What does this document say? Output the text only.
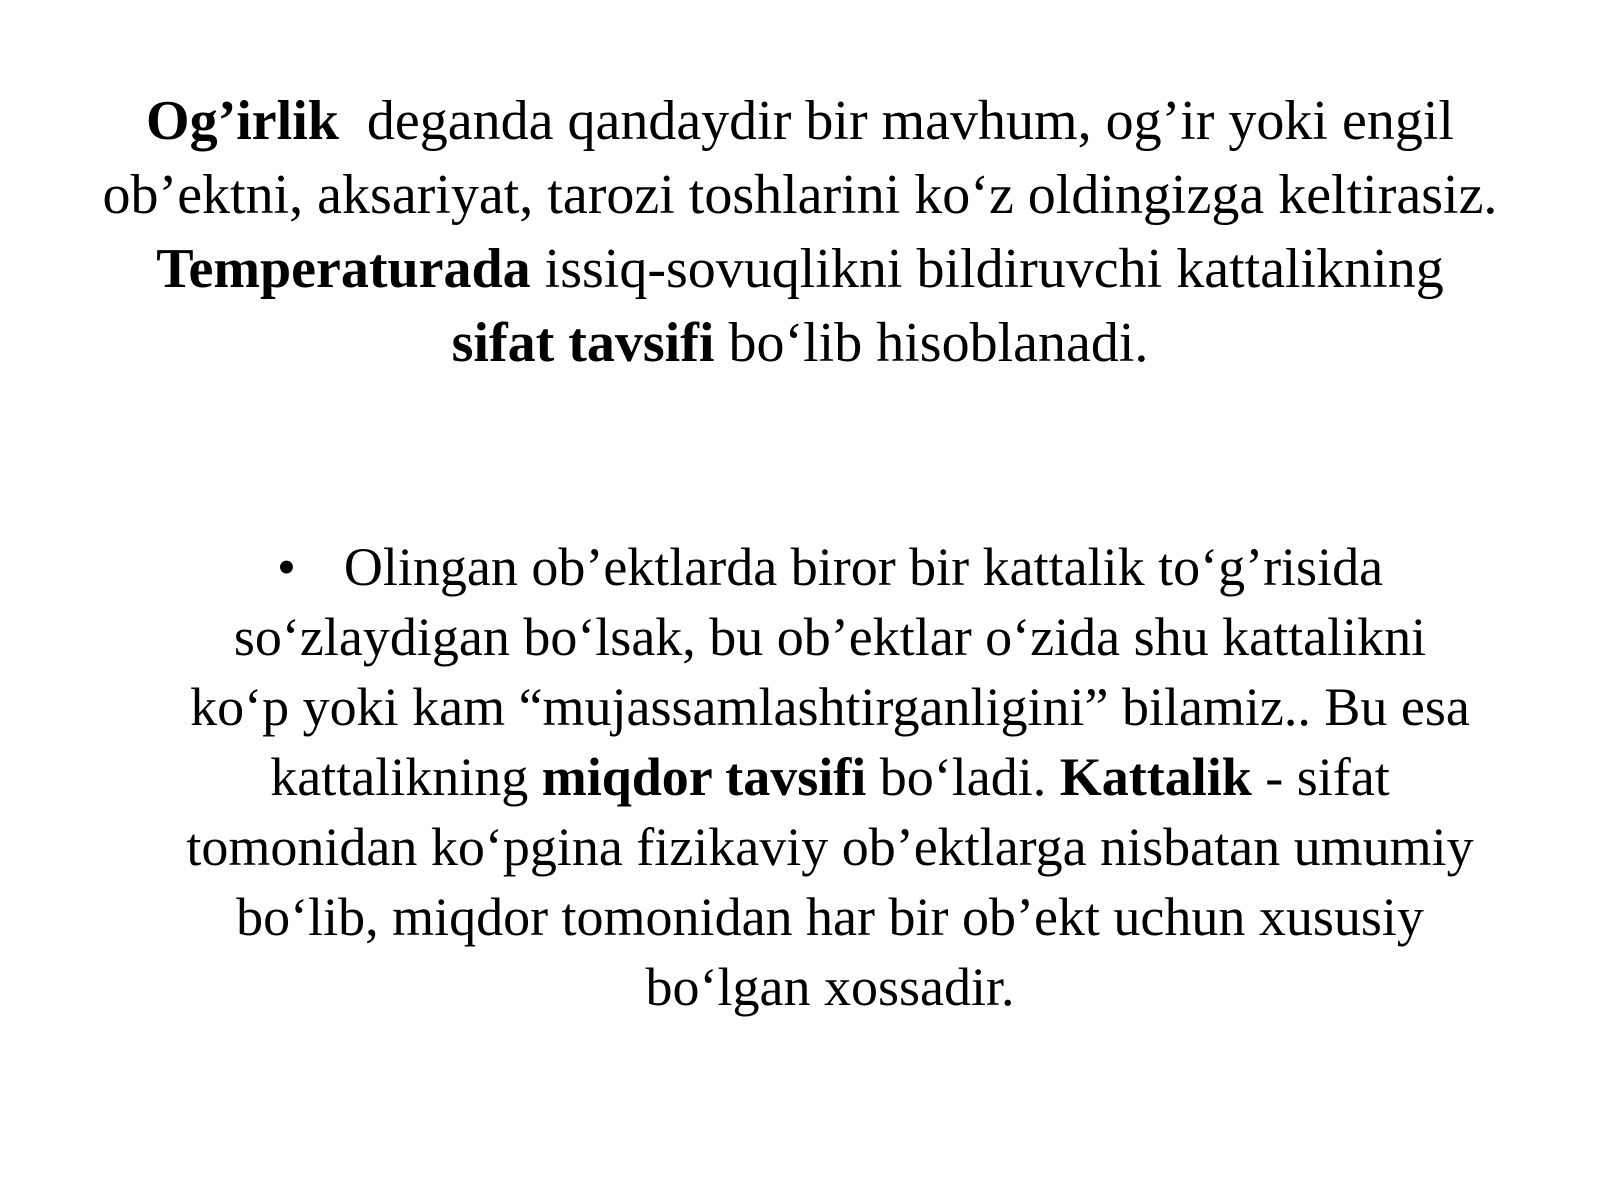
Og’irlik deganda qandaydir bir mavhum, og’ir yoki engil ob’ektni, aksariyat, tarozi toshlarini ko‘z oldingizga keltirasiz.

Temperaturada issiq-sovuqlikni bildiruvchi kattalikning sifat tavsifi bo‘lib hisoblanadi.

• Olingan ob’ektlarda biror bir kattalik to‘g’risida so‘zlaydigan bo‘lsak, bu ob’ektlar o‘zida shu kattalikni ko‘p yoki kam “mujassamlashtirganligini” bilamiz.. Bu esa kattalikning miqdor tavsifi bo‘ladi. Kattalik - sifat tomonidan ko‘pgina fizikaviy ob’ektlarga nisbatan umumiy bo‘lib, miqdor tomonidan har bir ob’ekt uchun xususiy bo‘lgan xossadir.
